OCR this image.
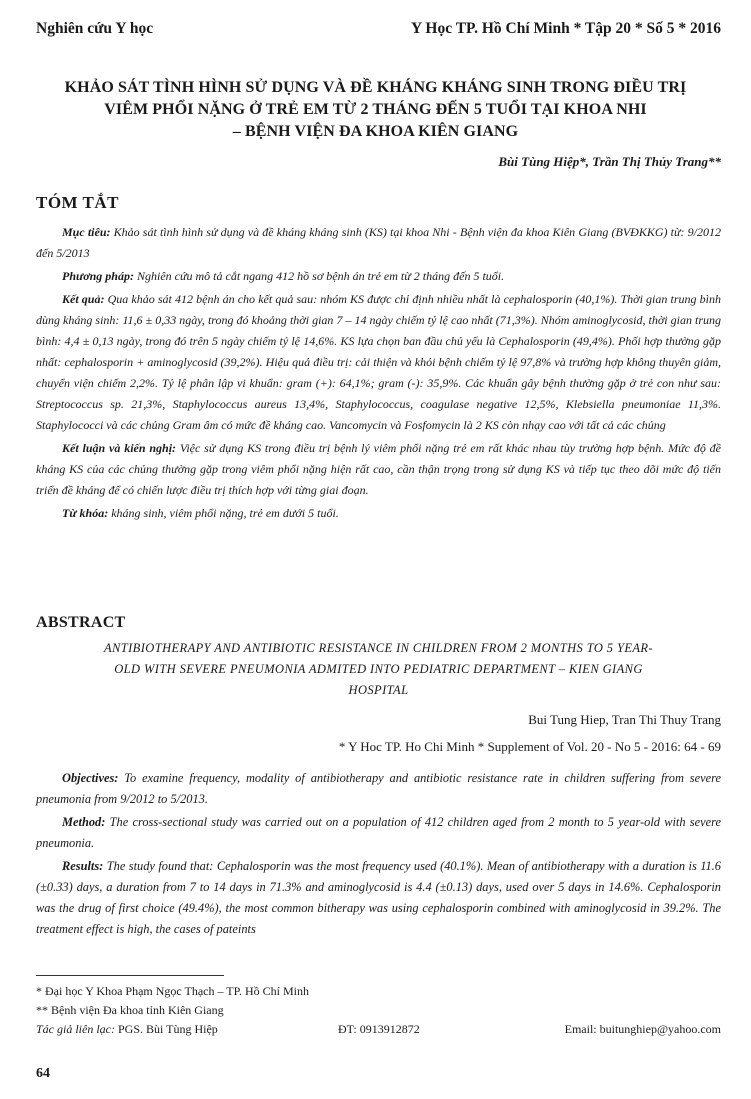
Nghiên cứu Y học	Y Học TP. Hồ Chí Minh * Tập 20 * Số 5 * 2016
KHẢO SÁT TÌNH HÌNH SỬ DỤNG VÀ ĐỀ KHÁNG KHÁNG SINH TRONG ĐIỀU TRỊ
VIÊM PHỔI NẶNG Ở TRẺ EM TỪ 2 THÁNG ĐẾN 5 TUỔI TẠI KHOA NHI
– BỆNH VIỆN ĐA KHOA KIÊN GIANG
Bùi Tùng Hiệp*, Trần Thị Thủy Trang**
TÓM TẮT

Mục tiêu: Khảo sát tình hình sử dụng và đề kháng kháng sinh (KS) tại khoa Nhi - Bệnh viện đa khoa Kiên Giang (BVĐKKG) từ: 9/2012 đến 5/2013

Phương pháp: Nghiên cứu mô tả cắt ngang 412 hồ sơ bệnh án trẻ em từ 2 tháng đến 5 tuổi.

Kết quả: Qua khảo sát 412 bệnh án cho kết quả sau: nhóm KS được chỉ định nhiều nhất là cephalosporin (40,1%). Thời gian trung bình dùng kháng sinh: 11,6 ± 0,33 ngày, trong đó khoảng thời gian 7 – 14 ngày chiếm tỷ lệ cao nhất (71,3%). Nhóm aminoglycosid, thời gian trung bình: 4,4 ± 0,13 ngày, trong đó trên 5 ngày chiếm tỷ lệ 14,6%. KS lựa chọn ban đầu chủ yếu là Cephalosporin (49,4%). Phối hợp thường gặp nhất: cephalosporin + aminoglycosid (39,2%). Hiệu quả điều trị: cải thiện và khỏi bệnh chiếm tỷ lệ 97,8% và trường hợp không thuyên giảm, chuyển viện chiếm 2,2%. Tỷ lệ phân lập vi khuẩn: gram (+): 64,1%; gram (-): 35,9%. Các khuẩn gây bệnh thường gặp ở trẻ con như sau: Streptococcus sp. 21,3%, Staphylococcus aureus 13,4%, Staphylococcus, coagulase negative 12,5%, Klebsiella pneumoniae 11,3%. Staphylococci và các chủng Gram âm có mức đề kháng cao. Vancomycin và Fosfomycin là 2 KS còn nhạy cao với tất cả các chủng

Kết luận và kiến nghị: Việc sử dụng KS trong điều trị bệnh lý viêm phổi nặng trẻ em rất khác nhau tùy trường hợp bệnh. Mức độ đề kháng KS của các chủng thường gặp trong viêm phổi nặng hiện rất cao, cần thận trọng trong sử dụng KS và tiếp tục theo dõi mức độ tiến triển đề kháng để có chiến lược điều trị thích hợp với từng giai đoạn.

Từ khóa: kháng sinh, viêm phổi nặng, trẻ em dưới 5 tuổi.

ABSTRACT
ANTIBIOTHERAPY AND ANTIBIOTIC RESISTANCE IN CHILDREN FROM 2 MONTHS TO 5 YEAR-
OLD WITH SEVERE PNEUMONIA ADMITED INTO PEDIATRIC DEPARTMENT – KIEN GIANG
HOSPITAL
Bui Tung Hiep, Tran Thi Thuy Trang
* Y Hoc TP. Ho Chi Minh * Supplement of Vol. 20 - No 5 - 2016: 64 - 69

Objectives: To examine frequency, modality of antibiotherapy and antibiotic resistance rate in children suffering from severe pneumonia from 9/2012 to 5/2013.

Method: The cross-sectional study was carried out on a population of 412 children aged from 2 month to 5 year-old with severe pneumonia.

Results: The study found that: Cephalosporin was the most frequency used (40.1%). Mean of antibiotherapy with a duration is 11.6 (±0.33) days, a duration from 7 to 14 days in 71.3% and aminoglycosid is 4.4 (±0.13) days, used over 5 days in 14.6%. Cephalosporin was the drug of first choice (49.4%), the most common bitherapy was using cephalosporin combined with aminoglycosid in 39.2%. The treatment effect is high, the cases of pateints

* Đại học Y Khoa Phạm Ngọc Thạch – TP. Hồ Chí Minh
** Bệnh viện Đa khoa tỉnh Kiên Giang
Tác giả liên lạc: PGS. Bùi Tùng Hiệp	ĐT: 0913912872	Email: buitunghiep@yahoo.com
64
